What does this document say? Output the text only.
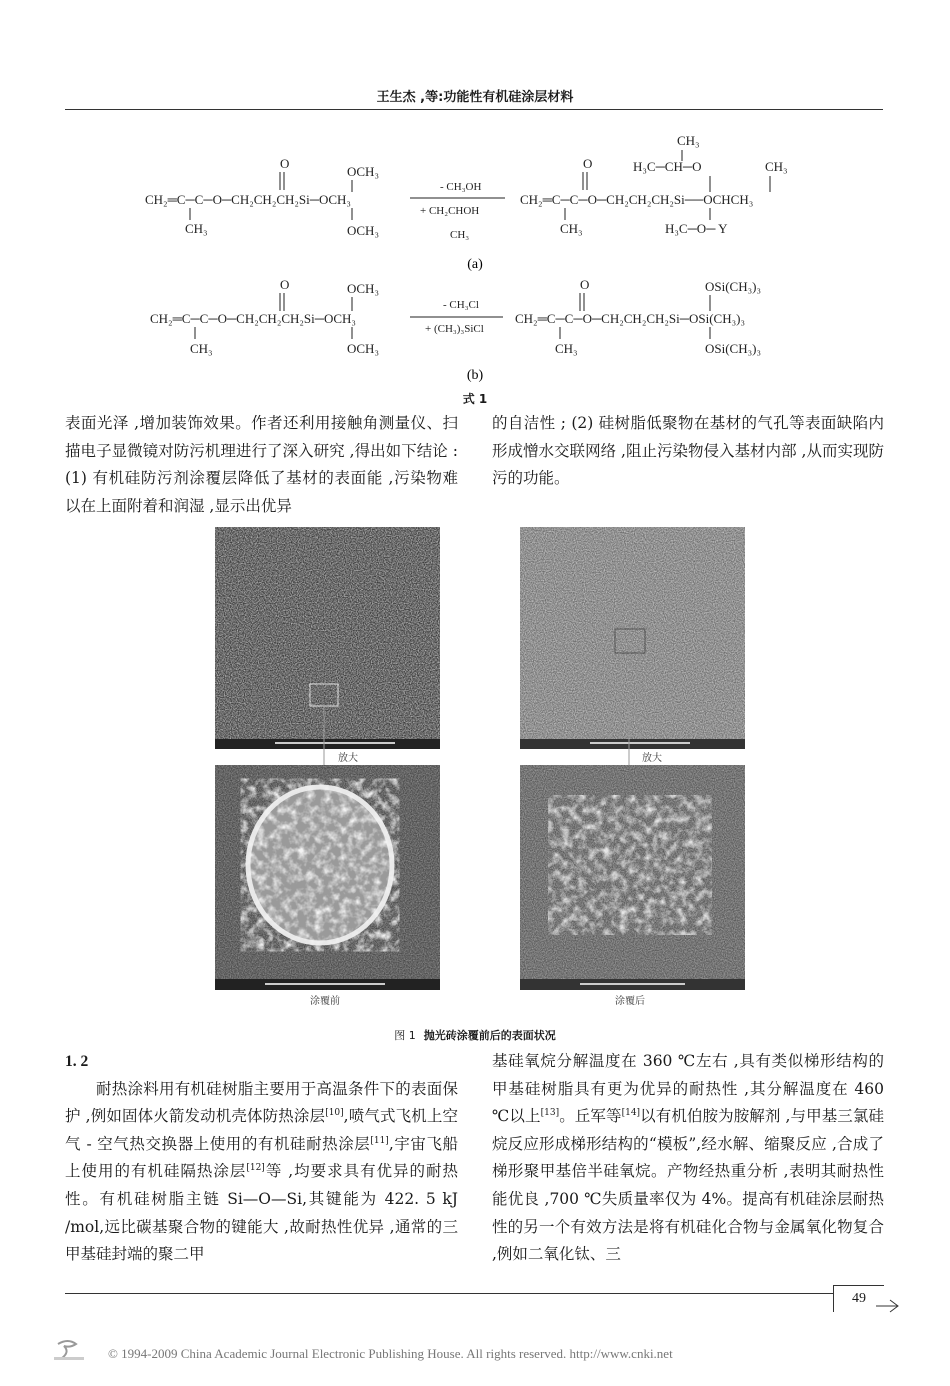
王生杰 ,等:功能性有机硅涂层材料
O
OCH₃
CH₂═C─C─O─CH₂CH₂CH₂Si─OCH₃
CH₃	OCH₃
- CH₃OH
+ CH₂CHOH
CH₃
CH₃
O	H₃C─CH─O	CH₃
CH₂═C─C─O─CH₂CH₂CH₂Si──OCHCH₃
CH₃	H₃C─O─ Y
(a)
O	OCH₃
CH₂═C─C─O─CH₂CH₂CH₂Si─OCH₃
CH₃	OCH₃
- CH₃Cl
+ (CH₃)₃SiCl
O	OSi(CH₃)₃
CH₂═C─C─O─CH₂CH₂CH₂Si─OSi(CH₃)₃
CH₃	OSi(CH₃)₃
(b)
式 1

表面光泽 ,增加装饰效果。作者还利用接触角测量仪、扫描电子显微镜对防污机理进行了深入研究 ,得出如下结论 : (1) 有机硅防污剂涂覆层降低了基材的表面能 ,污染物难以在上面附着和润湿 ,显示出优异

的自洁性 ; (2) 硅树脂低聚物在基材的气孔等表面缺陷内形成憎水交联网络 ,阻止污染物侵入基材内部 ,从而实现防污的功能。

放大	放大
涂覆前	涂覆后
图 1 抛光砖涂覆前后的表面状况

1. 2

耐热涂料用有机硅树脂主要用于高温条件下的表面保护 ,例如固体火箭发动机壳体防热涂层[10],喷气式飞机上空气 - 空气热交换器上使用的有机硅耐热涂层[11],宇宙飞船上使用的有机硅隔热涂层[12]等 ,均要求具有优异的耐热性。有机硅树脂主链 Si—O—Si,其键能为 422. 5 kJ /mol,远比碳基聚合物的键能大 ,故耐热性优异 ,通常的三甲基硅封端的聚二甲

基硅氧烷分解温度在 360 ℃左右 ,具有类似梯形结构的甲基硅树脂具有更为优异的耐热性 ,其分解温度在 460 ℃以上[13]。丘军等[14]以有机伯胺为胺解剂 ,与甲基三氯硅烷反应形成梯形结构的“模板”,经水解、缩聚反应 ,合成了梯形聚甲基倍半硅氧烷。产物经热重分析 ,表明其耐热性能优良 ,700 ℃失质量率仅为 4%。提高有机硅涂层耐热性的另一个有效方法是将有机硅化合物与金属氧化物复合 ,例如二氧化钛、三

49
© 1994-2009 China Academic Journal Electronic Publishing House. All rights reserved. http://www.cnki.net
